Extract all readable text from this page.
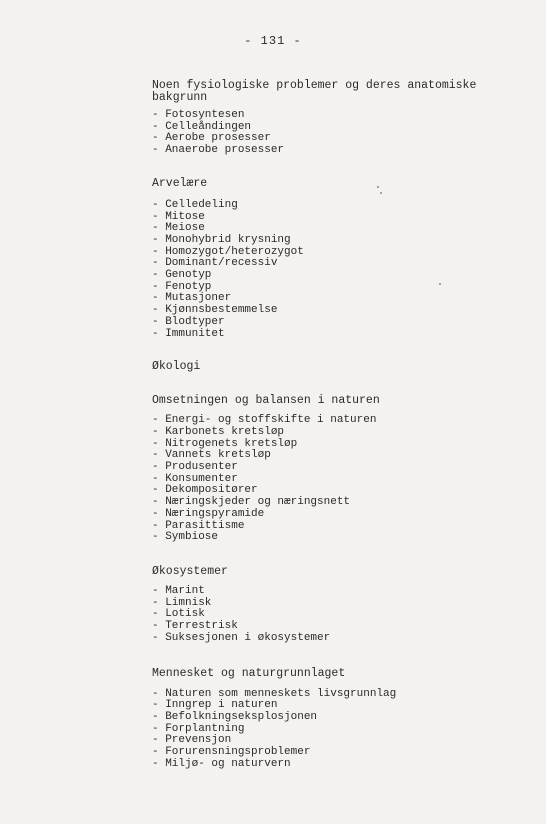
- 131 -
Noen fysiologiske problemer og deres anatomiske bakgrunn
- Fotosyntesen
- Celleåndingen
- Aerobe prosesser
- Anaerobe prosesser
Arvelære
- Celledeling
- Mitose
- Meiose
- Monohybrid krysning
- Homozygot/heterozygot
- Dominant/recessiv
- Genotyp
- Fenotyp
- Mutasjoner
- Kjønnsbestemmelse
- Blodtyper
- Immunitet
Økologi
Omsetningen og balansen i naturen
- Energi- og stoffskifte i naturen
- Karbonets kretsløp
- Nitrogenets kretsløp
- Vannets kretsløp
- Produsenter
- Konsumenter
- Dekompositører
- Næringskjeder og næringsnett
- Næringspyramide
- Parasittisme
- Symbiose
Økosystemer
- Marint
- Limnisk
- Lotisk
- Terrestrisk
- Suksesjonen i økosystemer
Mennesket og naturgrunnlaget
- Naturen som menneskets livsgrunnlag
- Inngrep i naturen
- Befolkningseksplosjonen
- Forplantning
- Prevensjon
- Forurensningsproblemer
- Miljø- og naturvern
